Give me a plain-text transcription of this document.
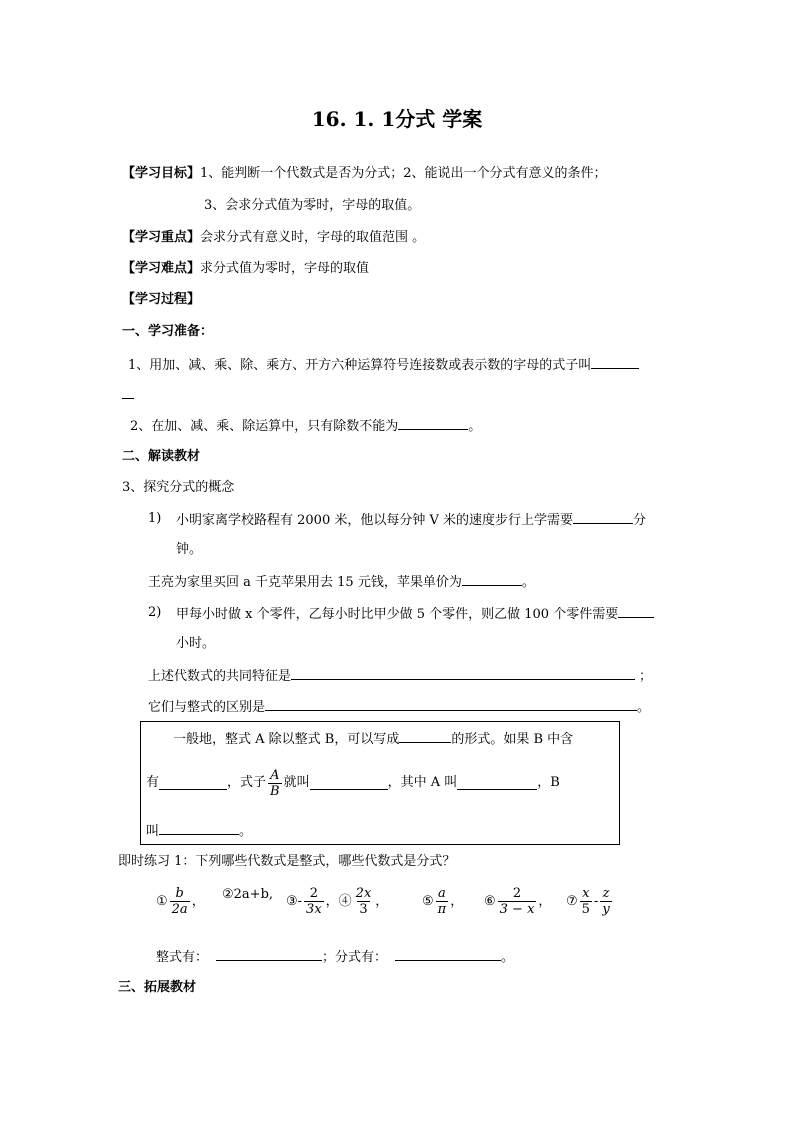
16. 1. 1分式 学案
【学习目标】1、能判断一个代数式是否为分式；2、能说出一个分式有意义的条件；
3、会求分式值为零时，字母的取值。
【学习重点】会求分式有意义时，字母的取值范围 。
【学习难点】求分式值为零时，字母的取值
【学习过程】
一、学习准备：
1、用加、减、乘、除、乘方、开方六种运算符号连接数或表示数的字母的式子叫
2、在加、减、乘、除运算中，只有除数不能为	。
二、解读教材
3、探究分式的概念
1) 小明家离学校路程有 2000 米，他以每分钟 V 米的速度步行上学需要	分
钟。
王亮为家里买回 a 千克苹果用去 15 元钱，苹果单价为	。
2) 甲每小时做 x 个零件，乙每小时比甲少做 5 个零件，则乙做 100 个零件需要
小时。
上述代数式的共同特征是	；
它们与整式的区别是	。
一般地，整式 A 除以整式 B，可以写成	的形式。如果 B 中含
有	，式子 $\frac{A}{B}$ 就叫	，其中 A 叫	，B
叫	。
即时练习 1：下列哪些代数式是整式，哪些代数式是分式？
① $\frac{b}{2a}$ ， ②2a+b, ③- $\frac{2}{3x}$ ，④ $\frac{2x}{3}$ ，	⑤ $\frac{a}{\pi}$ ， ⑥ $\frac{2}{3 - x}$ ， ⑦ $\frac{x}{5} - \frac{z}{y}$
整式有：	；分式有：	。
三、拓展教材
